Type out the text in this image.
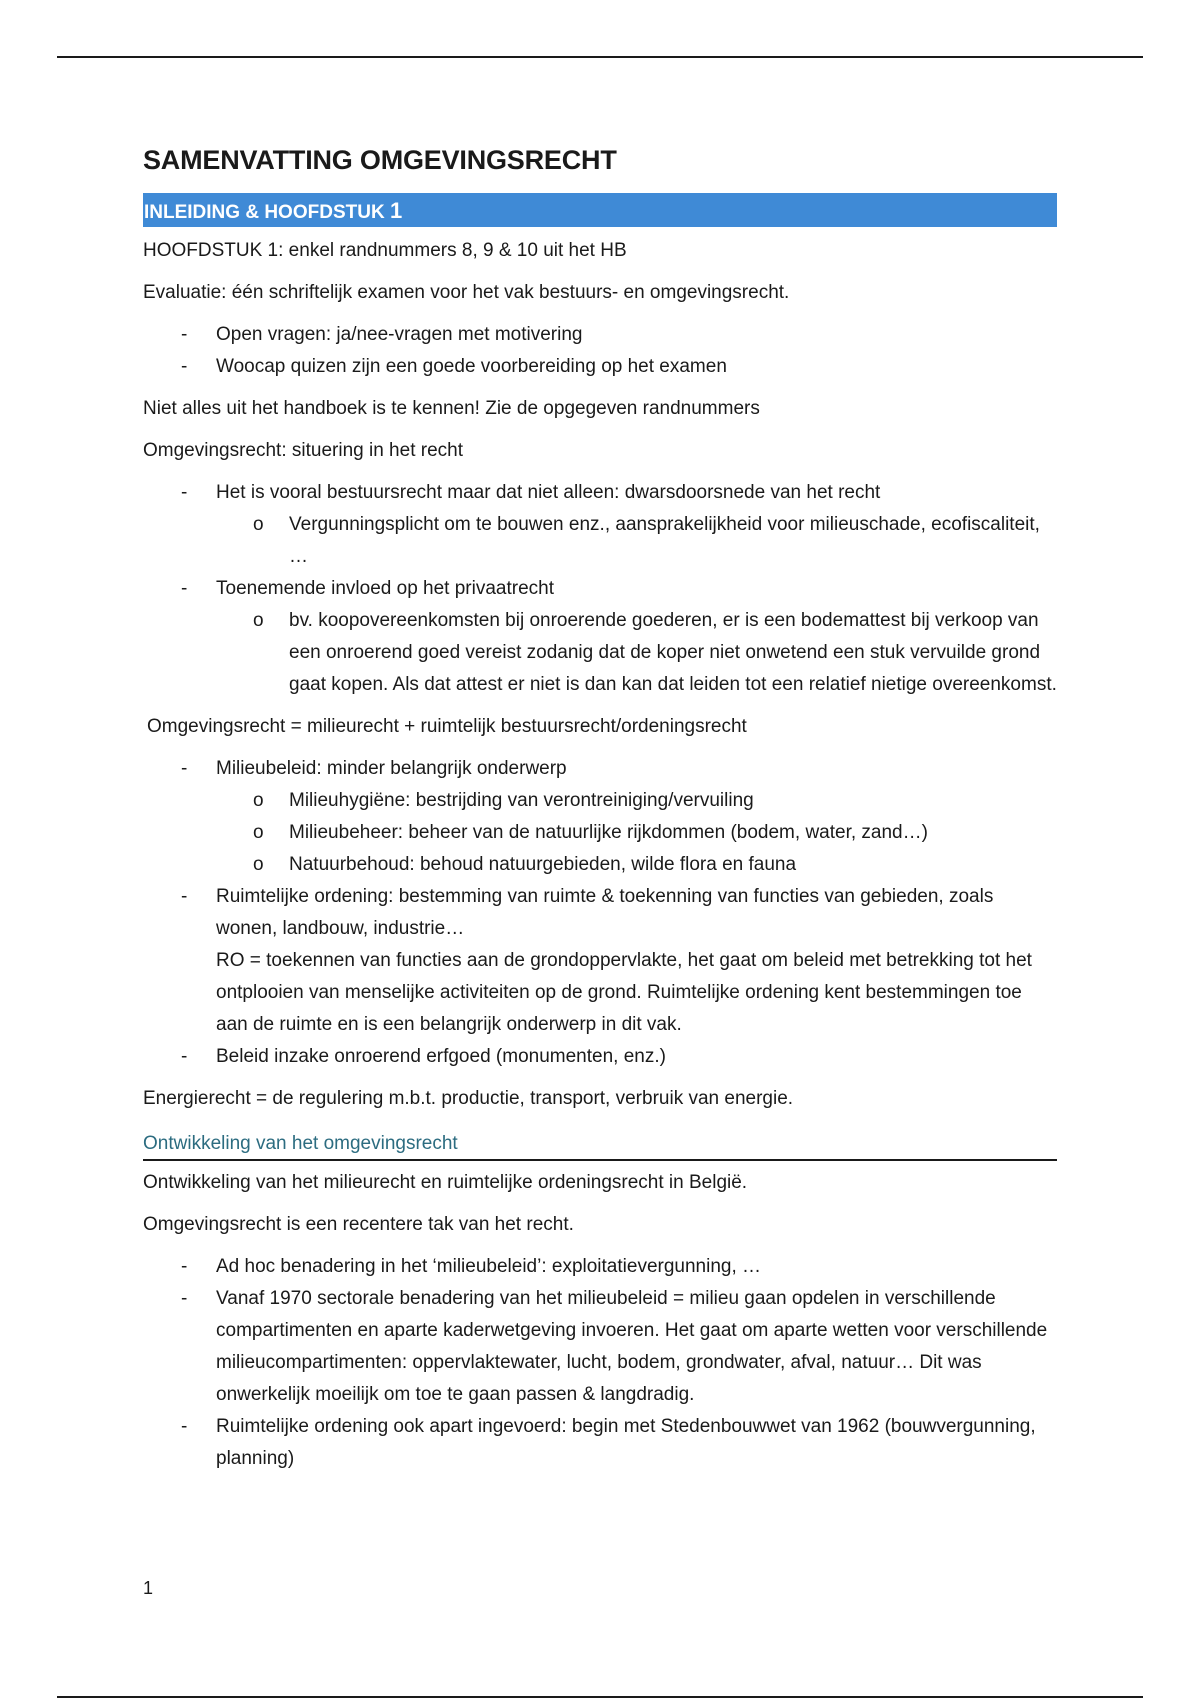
SAMENVATTING OMGEVINGSRECHT
INLEIDING & HOOFDSTUK 1

HOOFDSTUK 1: enkel randnummers 8, 9 & 10 uit het HB

Evaluatie: één schriftelijk examen voor het vak bestuurs- en omgevingsrecht.

- Open vragen: ja/nee-vragen met motivering
- Woocap quizen zijn een goede voorbereiding op het examen

Niet alles uit het handboek is te kennen! Zie de opgegeven randnummers

Omgevingsrecht: situering in het recht

- Het is vooral bestuursrecht maar dat niet alleen: dwarsdoorsnede van het recht
o Vergunningsplicht om te bouwen enz., aansprakelijkheid voor milieuschade, ecofiscaliteit, …
- Toenemende invloed op het privaatrecht
o bv. koopovereenkomsten bij onroerende goederen, er is een bodemattest bij verkoop van een onroerend goed vereist zodanig dat de koper niet onwetend een stuk vervuilde grond gaat kopen. Als dat attest er niet is dan kan dat leiden tot een relatief nietige overeenkomst.

Omgevingsrecht = milieurecht + ruimtelijk bestuursrecht/ordeningsrecht

- Milieubeleid: minder belangrijk onderwerp
o Milieuhygiëne: bestrijding van verontreiniging/vervuiling
o Milieubeheer: beheer van de natuurlijke rijkdommen (bodem, water, zand…)
o Natuurbehoud: behoud natuurgebieden, wilde flora en fauna
- Ruimtelijke ordening: bestemming van ruimte & toekenning van functies van gebieden, zoals wonen, landbouw, industrie…
RO = toekennen van functies aan de grondoppervlakte, het gaat om beleid met betrekking tot het ontplooien van menselijke activiteiten op de grond. Ruimtelijke ordening kent bestemmingen toe aan de ruimte en is een belangrijk onderwerp in dit vak.
- Beleid inzake onroerend erfgoed (monumenten, enz.)

Energierecht = de regulering m.b.t. productie, transport, verbruik van energie.

Ontwikkeling van het omgevingsrecht

Ontwikkeling van het milieurecht en ruimtelijke ordeningsrecht in België.

Omgevingsrecht is een recentere tak van het recht.

- Ad hoc benadering in het ‘milieubeleid’: exploitatievergunning, …
- Vanaf 1970 sectorale benadering van het milieubeleid = milieu gaan opdelen in verschillende compartimenten en aparte kaderwetgeving invoeren. Het gaat om aparte wetten voor verschillende milieucompartimenten: oppervlaktewater, lucht, bodem, grondwater, afval, natuur… Dit was onwerkelijk moeilijk om toe te gaan passen & langdradig.
- Ruimtelijke ordening ook apart ingevoerd: begin met Stedenbouwwet van 1962 (bouwvergunning, planning)
1
